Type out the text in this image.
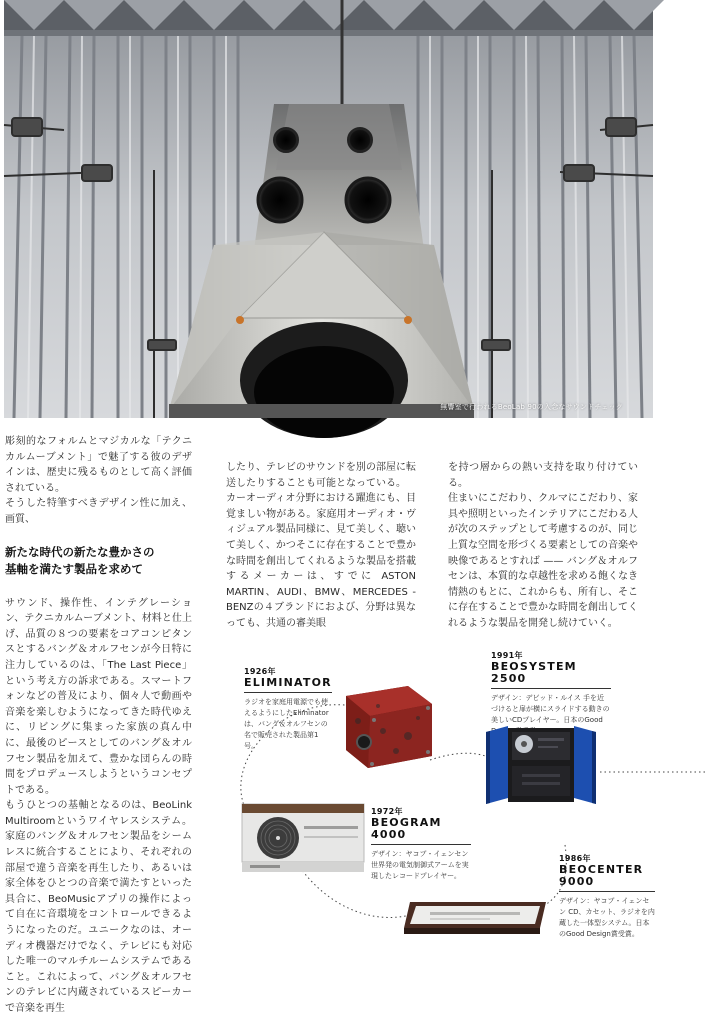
無響室で行われるBeoLab 90の入念なサウンドチェック

彫刻的なフォルムとマジカルな「テクニカルムーブメント」で魅了する彼のデザインは、歴史に残るものとして高く評価されている。

そうした特筆すべきデザイン性に加え、画質、

新たな時代の新たな豊かさの
基軸を満たす製品を求めて

サウンド、操作性、インテグレーション、テクニカルムーブメント、材料と仕上げ、品質の８つの要素をコアコンピタンスとするバング＆オルフセンが今日特に注力しているのは、「The Last Piece」という考え方の訴求である。スマートフォンなどの普及により、個々人で動画や音楽を楽しむようになってきた時代ゆえに、リビングに集まった家族の真ん中に、最後のピースとしてのバング＆オルフセン製品を加えて、豊かな団らんの時間をプロデュースしようというコンセプトである。

もうひとつの基軸となるのは、BeoLink Multiroomというワイヤレスシステム。家庭のバング＆オルフセン製品をシームレスに統合することにより、それぞれの部屋で違う音楽を再生したり、あるいは家全体をひとつの音楽で満たすといった具合に、BeoMusicアプリの操作によって自在に音環境をコントロールできるようになったのだ。ユニークなのは、オーディオ機器だけでなく、テレビにも対応した唯一のマルチルームシステムであること。これによって、バング＆オルフセンのテレビに内蔵されているスピーカーで音楽を再生

したり、テレビのサウンドを別の部屋に転送したりすることも可能となっている。

カーオーディオ分野における躍進にも、目覚ましい物がある。家庭用オーディオ・ヴィジュアル製品同様に、見て美しく、聴いて美しく、かつそこに存在することで豊かな時間を創出してくれるような製品を搭載するメーカーは、すでに ASTON MARTIN、AUDI、BMW、MERCEDES - BENZの４ブランドにおよび、分野は異なっても、共通の審美眼

を持つ層からの熱い支持を取り付けている。

住まいにこだわり、クルマにこだわり、家具や照明といったインテリアにこだわる人が次のステップとして考慮するのが、同じ上質な空間を形づくる要素としての音楽や映像であるとすれば —— バング＆オルフセンは、本質的な卓越性を求める飽くなき情熱のもとに、これからも、所有し、そこに存在することで豊かな時間を創出してくれるような製品を開発し続けていく。

1926年
ELIMINATOR
ラジオを家庭用電源でも使えるようにしたEliminatorは、バング＆オルフセンの名で販売された製品第1号。
1991年
BEOSYSTEM 2500
デザイン：デビッド・ルイス 手を近づけると扉が横にスライドする動きの美しいCDプレイヤー。日本のGood
1972年
BEOGRAM
4000
デザイン：ヤコブ・イェンセン 世界発の電気制御式アームを実現したレコードプレイヤー。
1986年
BEOCENTER
9000
デザイン：ヤコブ・イェンセン CD、カセット、ラジオを内蔵した一体型システム。日本のGood Design賞受賞。
